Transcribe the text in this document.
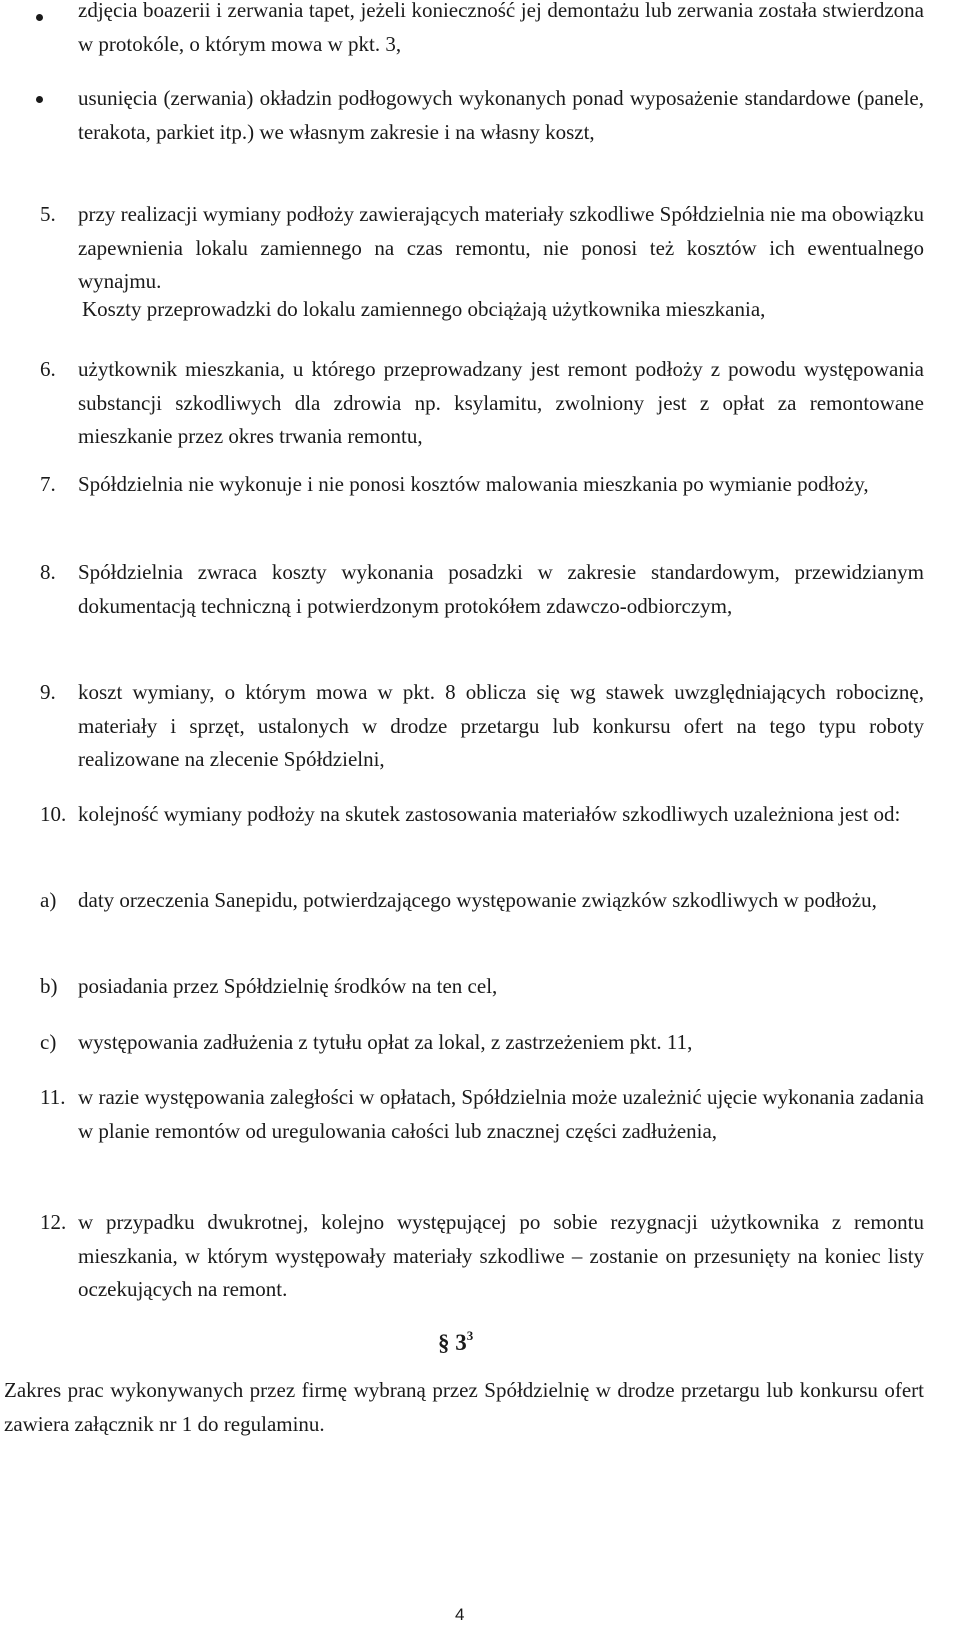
zdjęcia boazerii i zerwania tapet, jeżeli konieczność jej demontażu lub zerwania została stwierdzona w protokóle, o którym mowa w pkt. 3,
usunięcia (zerwania) okładzin podłogowych wykonanych ponad wyposażenie standardowe (panele, terakota, parkiet itp.) we własnym zakresie i na własny koszt,
5. przy realizacji wymiany podłoży zawierających materiały szkodliwe Spółdzielnia nie ma obowiązku zapewnienia lokalu zamiennego na czas remontu, nie ponosi też kosztów ich ewentualnego wynajmu.
Koszty przeprowadzki do lokalu zamiennego obciążają użytkownika mieszkania,
6. użytkownik mieszkania, u którego przeprowadzany jest remont podłoży z powodu występowania substancji szkodliwych dla zdrowia np. ksylamitu, zwolniony jest z opłat za remontowane mieszkanie przez okres trwania remontu,
7. Spółdzielnia nie wykonuje i nie ponosi kosztów malowania mieszkania po wymianie podłoży,
8. Spółdzielnia zwraca koszty wykonania posadzki w zakresie standardowym, przewidzianym dokumentacją techniczną i potwierdzonym protokółem zdawczo-odbiorczym,
9. koszt wymiany, o którym mowa w pkt. 8 oblicza się wg stawek uwzględniających robociznę, materiały i sprzęt, ustalonych w drodze przetargu lub konkursu ofert na tego typu roboty realizowane na zlecenie Spółdzielni,
10. kolejność wymiany podłoży na skutek zastosowania materiałów szkodliwych uzależniona jest od:
a) daty orzeczenia Sanepidu, potwierdzającego występowanie związków szkodliwych w podłożu,
b) posiadania przez Spółdzielnię środków na ten cel,
c) występowania zadłużenia z tytułu opłat za lokal, z zastrzeżeniem pkt. 11,
11. w razie występowania zaległości w opłatach, Spółdzielnia może uzależnić ujęcie wykonania zadania w planie remontów od uregulowania całości lub znacznej części zadłużenia,
12. w przypadku dwukrotnej, kolejno występującej po sobie rezygnacji użytkownika z remontu mieszkania, w którym występowały materiały szkodliwe – zostanie on przesunięty na koniec listy oczekujących na remont.
§ $3^3$
Zakres prac wykonywanych przez firmę wybraną przez Spółdzielnię w drodze przetargu lub konkursu ofert zawiera załącznik nr 1 do regulaminu.
4
